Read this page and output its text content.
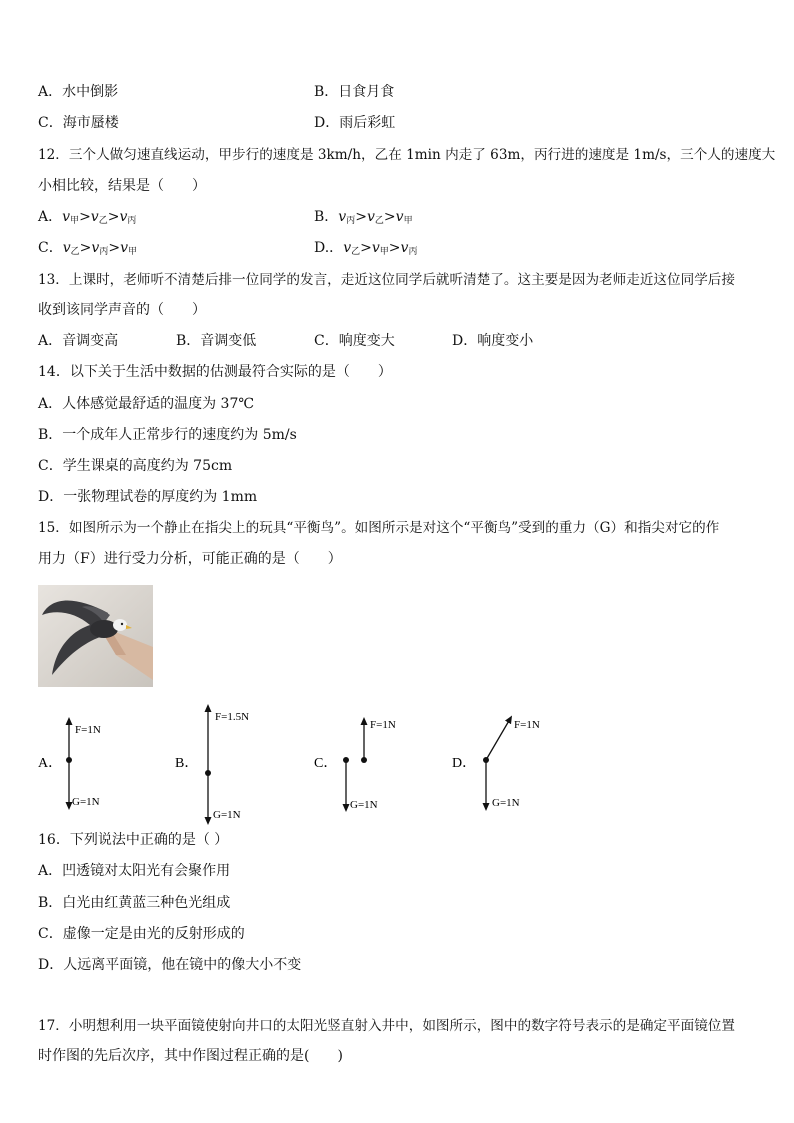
A．水中倒影	B．日食月食
C．海市蜃楼	D．雨后彩虹
12．三个人做匀速直线运动，甲步行的速度是 3km/h，乙在 1min 内走了 63m，丙行进的速度是 1m/s，三个人的速度大
小相比较，结果是（　　）
A．$v_甲>v_乙>v_丙$	B．$v_丙>v_乙>v_甲$
C．$v_乙>v_丙>v_甲$	D.．$v_乙>v_甲>v_丙$
13．上课时，老师听不清楚后排一位同学的发言，走近这位同学后就听清楚了。这主要是因为老师走近这位同学后接
收到该同学声音的（　　）
A．音调变高	B．音调变低	C．响度变大	D．响度变小
14．以下关于生活中数据的估测最符合实际的是（　　）
A．人体感觉最舒适的温度为 37℃
B．一个成年人正常步行的速度约为 5m/s
C．学生课桌的高度约为 75cm
D．一张物理试卷的厚度约为 1mm
15．如图所示为一个静止在指尖上的玩具“平衡鸟”。如图所示是对这个“平衡鸟”受到的重力（G）和指尖对它的作
用力（F）进行受力分析，可能正确的是（　　）
A．
F=1N
G=1N
B．
F=1.5N
G=1N
C．
F=1N
G=1N
D．
F=1N
G=1N
16．下列说法中正确的是（ ）
A．凹透镜对太阳光有会聚作用
B．白光由红黄蓝三种色光组成
C．虚像一定是由光的反射形成的
D．人远离平面镜，他在镜中的像大小不变
17．小明想利用一块平面镜使射向井口的太阳光竖直射入井中，如图所示，图中的数字符号表示的是确定平面镜位置
时作图的先后次序，其中作图过程正确的是(　　)
